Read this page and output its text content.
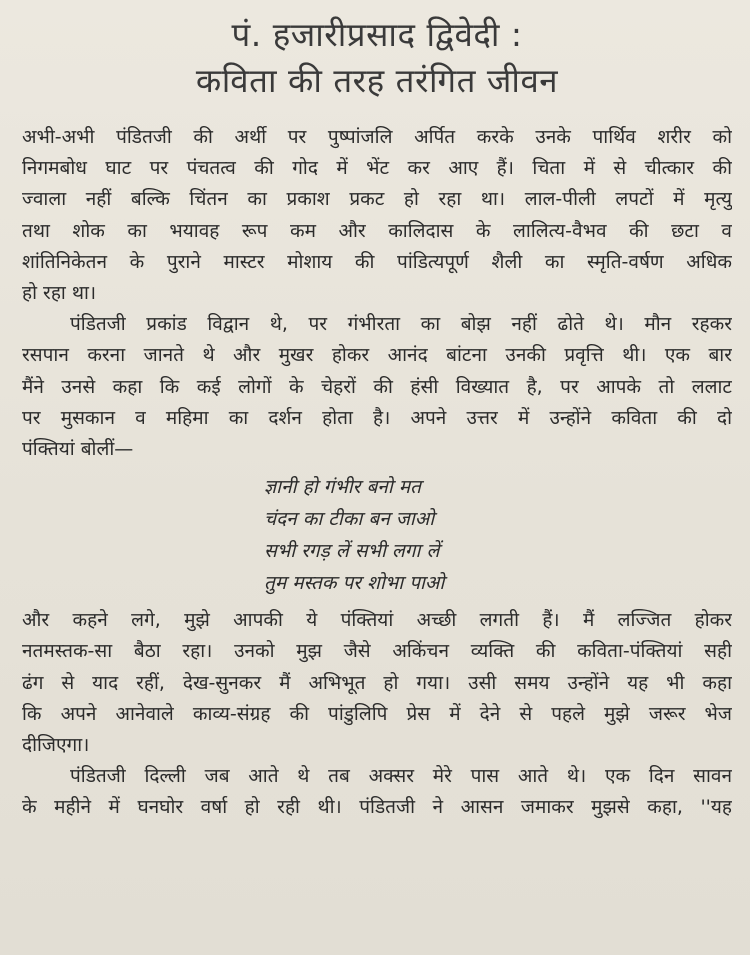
पं. हजारीप्रसाद द्विवेदी :
कविता की तरह तरंगित जीवन
अभी-अभी पंडितजी की अर्थी पर पुष्पांजलि अर्पित करके उनके पार्थिव शरीर को
निगमबोध घाट पर पंचतत्व की गोद में भेंट कर आए हैं। चिता में से चीत्कार की
ज्वाला नहीं बल्कि चिंतन का प्रकाश प्रकट हो रहा था। लाल-पीली लपटों में मृत्यु
तथा शोक का भयावह रूप कम और कालिदास के लालित्य-वैभव की छटा व
शांतिनिकेतन के पुराने मास्टर मोशाय की पांडित्यपूर्ण शैली का स्मृति-वर्षण अधिक
हो रहा था।
पंडितजी प्रकांड विद्वान थे, पर गंभीरता का बोझ नहीं ढोते थे। मौन रहकर
रसपान करना जानते थे और मुखर होकर आनंद बांटना उनकी प्रवृत्ति थी। एक बार
मैंने उनसे कहा कि कई लोगों के चेहरों की हंसी विख्यात है, पर आपके तो ललाट
पर मुसकान व महिमा का दर्शन होता है। अपने उत्तर में उन्होंने कविता की दो
पंक्तियां बोलीं—
ज्ञानी हो गंभीर बनो मत
चंदन का टीका बन जाओ
सभी रगड़ लें सभी लगा लें
तुम मस्तक पर शोभा पाओ
और कहने लगे, मुझे आपकी ये पंक्तियां अच्छी लगती हैं। मैं लज्जित होकर
नतमस्तक-सा बैठा रहा। उनको मुझ जैसे अकिंचन व्यक्ति की कविता-पंक्तियां सही
ढंग से याद रहीं, देख-सुनकर मैं अभिभूत हो गया। उसी समय उन्होंने यह भी कहा
कि अपने आनेवाले काव्य-संग्रह की पांडुलिपि प्रेस में देने से पहले मुझे जरूर भेज
दीजिएगा।
पंडितजी दिल्ली जब आते थे तब अक्सर मेरे पास आते थे। एक दिन सावन
के महीने में घनघोर वर्षा हो रही थी। पंडितजी ने आसन जमाकर मुझसे कहा, ''यह
